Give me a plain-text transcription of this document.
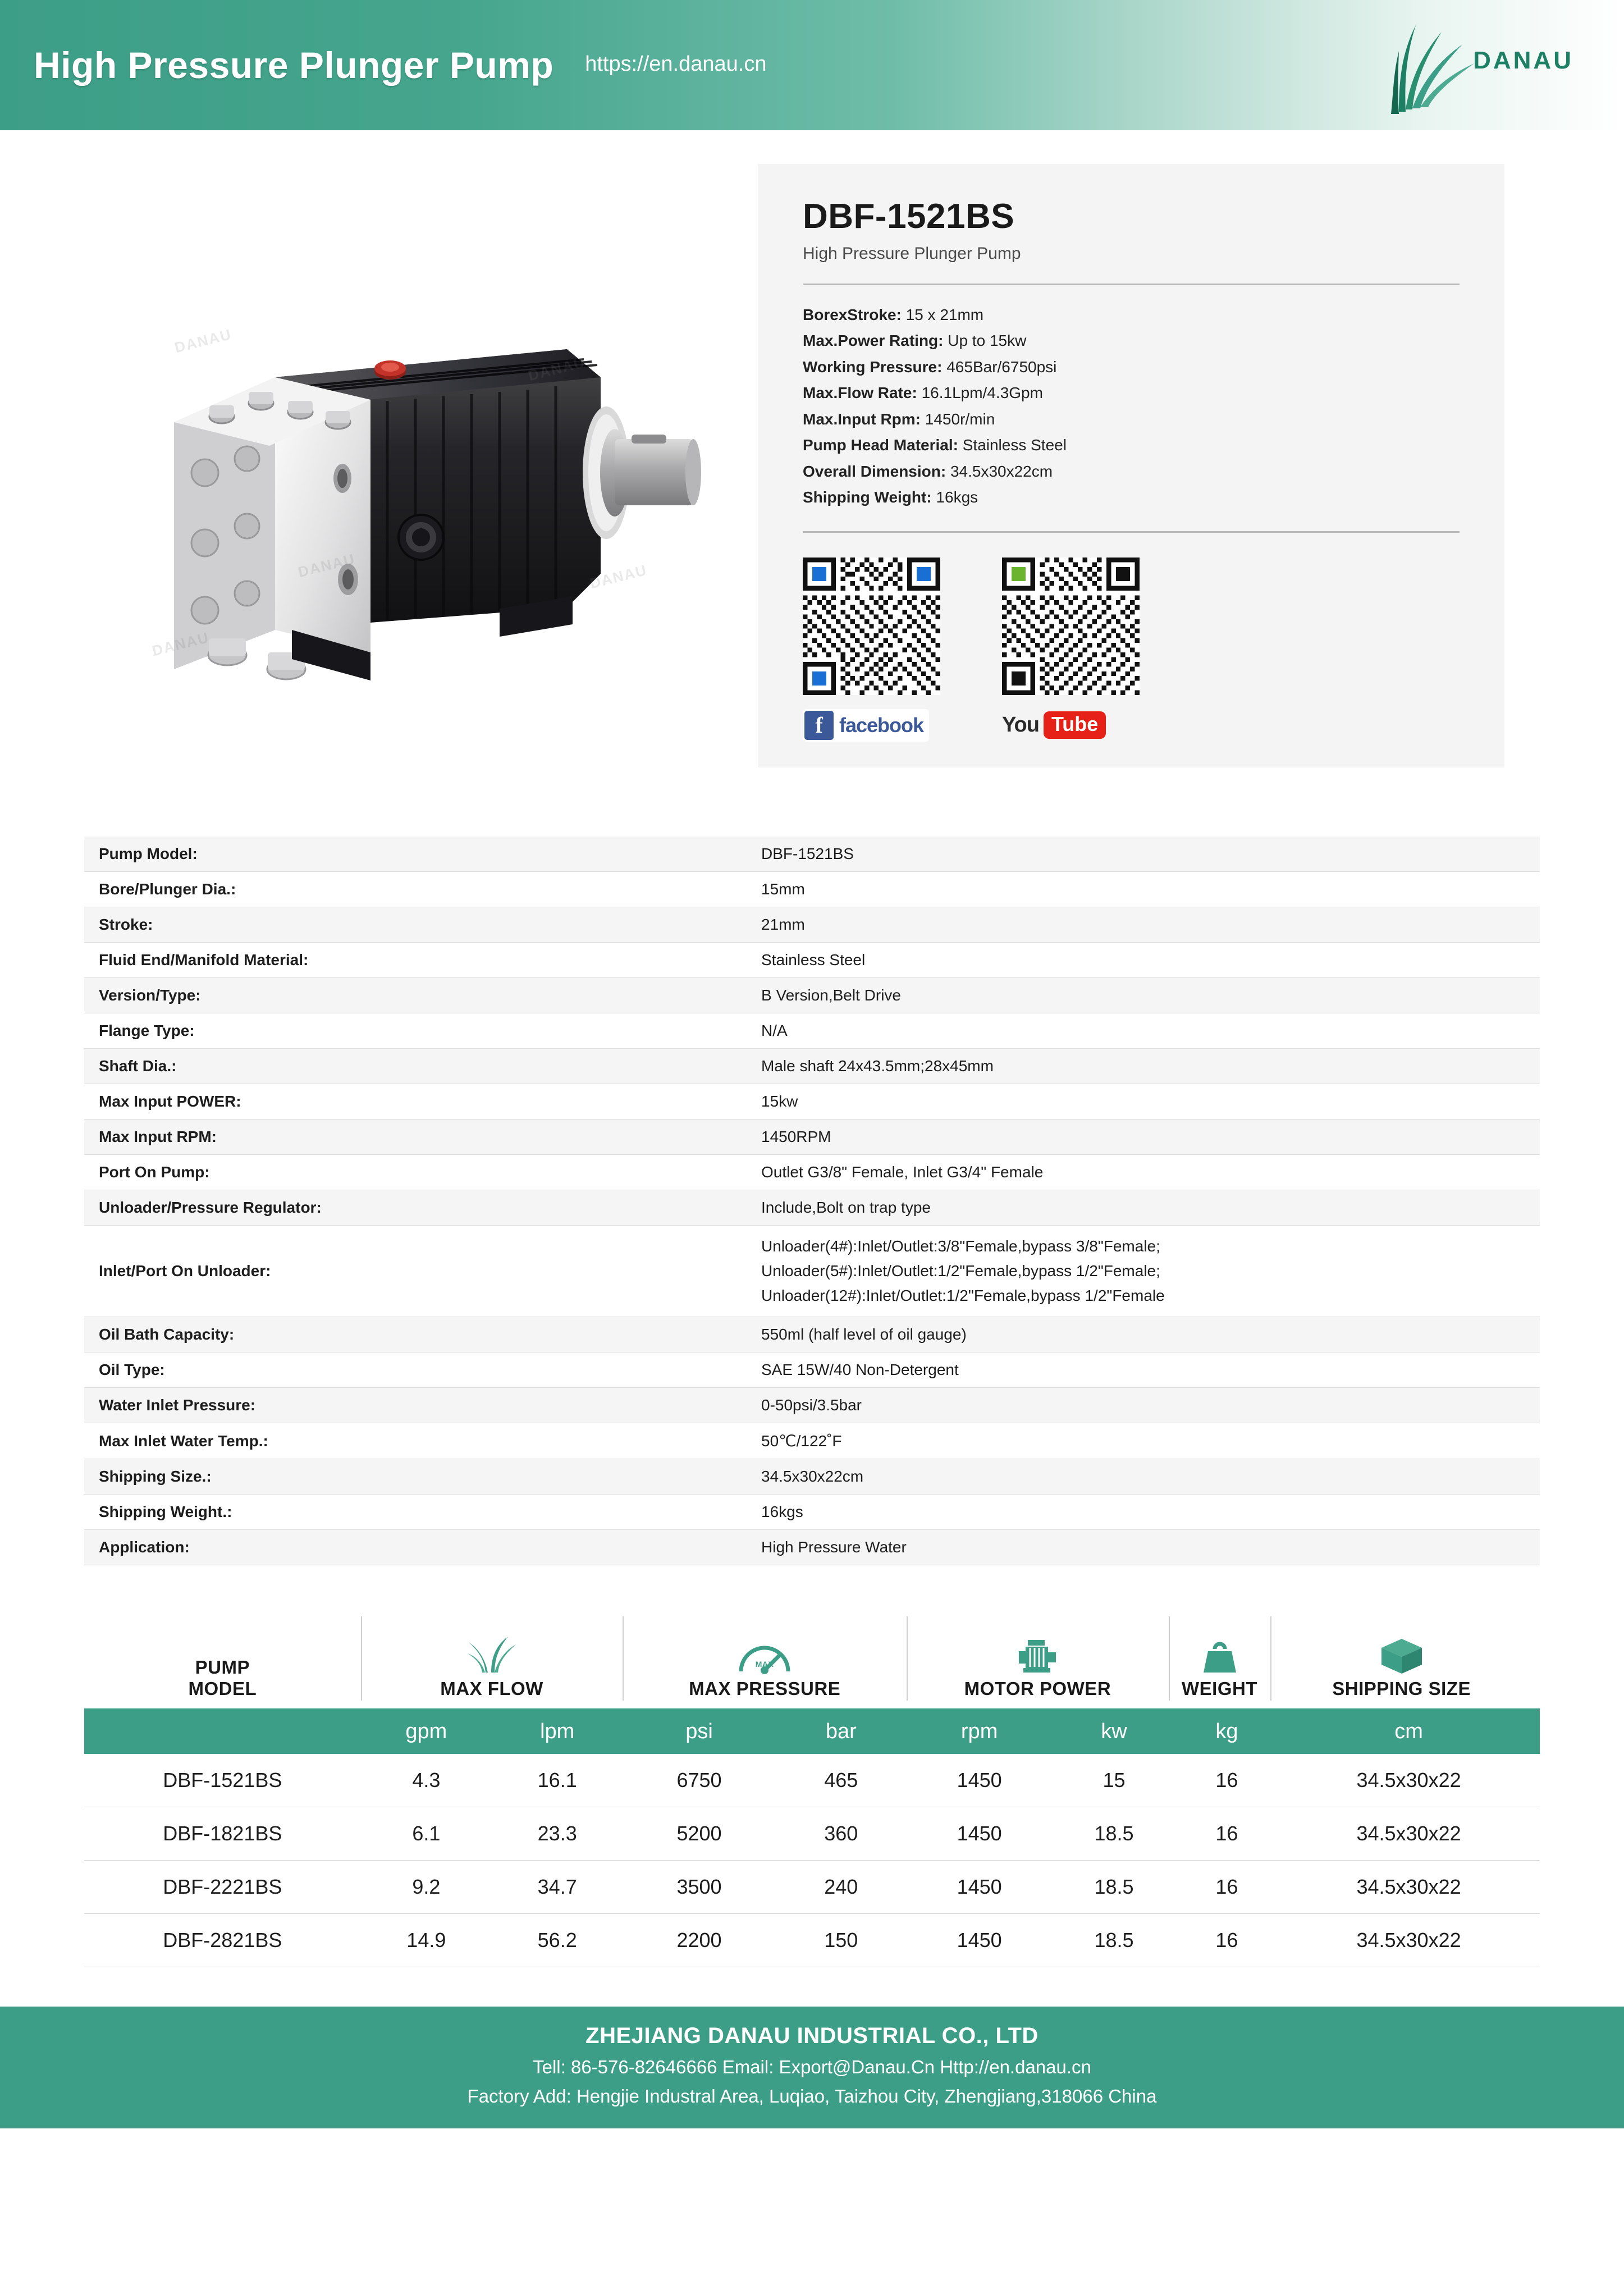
High Pressure Plunger Pump https://en.danau.cn	DANAU
DANAU
DANAU
DBF-1521BS
High Pressure Plunger Pump
BorexStroke: 15 x 21mm
Max.Power Rating: Up to 15kw
Working Pressure: 465Bar/6750psi
Max.Flow Rate: 16.1Lpm/4.3Gpm
Max.Input Rpm: 1450r/min
Pump Head Material: Stainless Steel
Overall Dimension: 34.5x30x22cm
Shipping Weight: 16kgs
f facebook	You Tube
Pump Model:	DBF-1521BS
Bore/Plunger Dia.:	15mm
Stroke:	21mm
Fluid End/Manifold Material:	Stainless Steel
Version/Type:	B Version,Belt Drive
Flange Type:	N/A
Shaft Dia.:	Male shaft 24x43.5mm;28x45mm
Max Input POWER:	15kw
Max Input RPM:	1450RPM
Port On Pump:	Outlet G3/8" Female, Inlet G3/4" Female
Unloader/Pressure Regulator:	Include,Bolt on trap type
Inlet/Port On Unloader:	Unloader(4#):Inlet/Outlet:3/8"Female,bypass 3/8"Female;
Unloader(5#):Inlet/Outlet:1/2"Female,bypass 1/2"Female;
Unloader(12#):Inlet/Outlet:1/2"Female,bypass 1/2"Female

Oil Bath Capacity:	550ml (half level of oil gauge)
Oil Type:	SAE 15W/40 Non-Detergent
Water Inlet Pressure:	0-50psi/3.5bar
Max Inlet Water Temp.:	50℃/122˚F
Shipping Size.:	34.5x30x22cm
Shipping Weight.:	16kgs
Application:	High Pressure Water
PUMP
MODEL	MAX FLOW
MAX
MAX PRESSURE	MOTOR POWER	WEIGHT	SHIPPING SIZE
gpm	lpm	psi	bar	rpm	kw	kg	cm
DBF-1521BS	4.3	16.1	6750	465	1450	15	16	34.5x30x22
DBF-1821BS	6.1	23.3	5200	360	1450	18.5	16	34.5x30x22
DBF-2221BS	9.2	34.7	3500	240	1450	18.5	16	34.5x30x22
DBF-2821BS	14.9	56.2	2200	150	1450	18.5	16	34.5x30x22
ZHEJIANG DANAU INDUSTRIAL CO., LTD
Tell: 86-576-82646666 Email: Export@Danau.Cn Http://en.danau.cn
Factory Add: Hengjie Industral Area, Luqiao, Taizhou City, Zhengjiang,318066 China
